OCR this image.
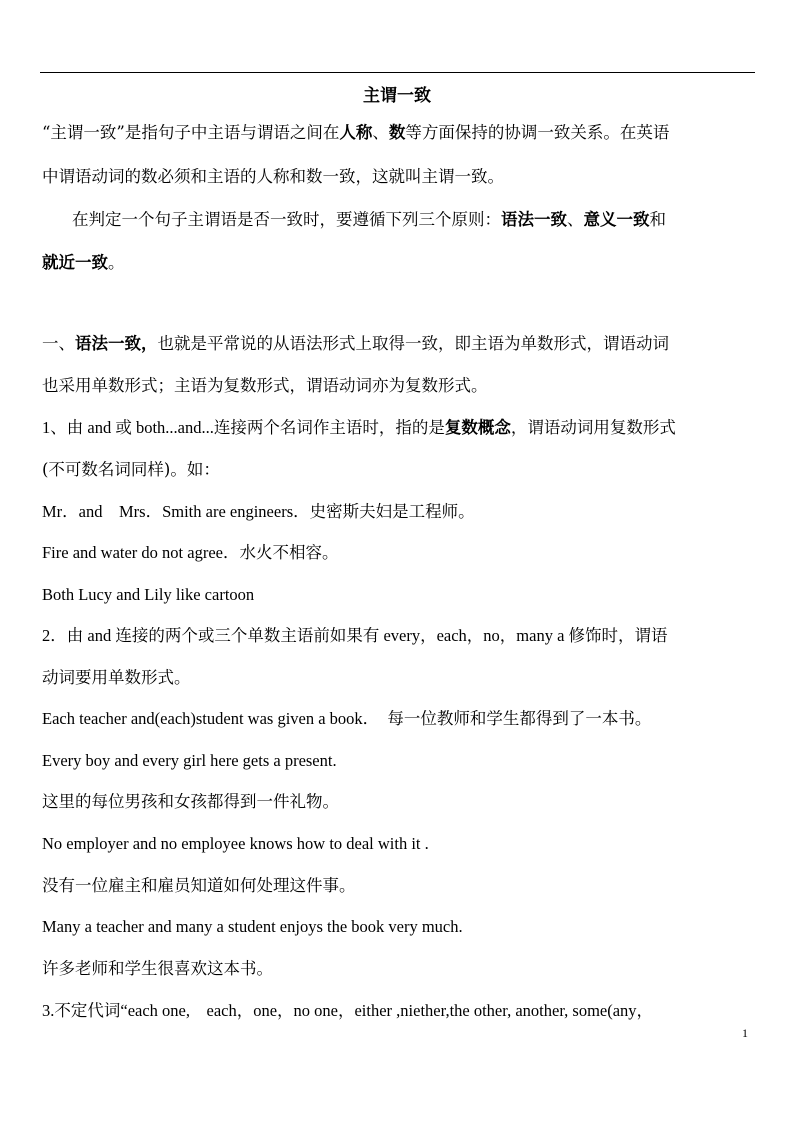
主谓一致
“主谓一致”是指句子中主语与谓语之间在人称、数等方面保持的协调一致关系。在英语
中谓语动词的数必须和主语的人称和数一致，这就叫主谓一致。
在判定一个句子主谓语是否一致时，要遵循下列三个原则：语法一致、意义一致和
就近一致。
一、语法一致，也就是平常说的从语法形式上取得一致，即主语为单数形式，谓语动词
也采用单数形式；主语为复数形式，谓语动词亦为复数形式。
1、由 and 或 both...and...连接两个名词作主语时，指的是复数概念，谓语动词用复数形式
(不可数名词同样)。如：
Mr．and　Mrs．Smith are engineers．史密斯夫妇是工程师。
Fire and water do not agree．水火不相容。
Both Lucy and Lily like cartoon
2．由 and 连接的两个或三个单数主语前如果有 every，each，no，many a 修饰时，谓语
动词要用单数形式。
Each teacher and(each)student was given a book．　每一位教师和学生都得到了一本书。
Every boy and every girl here gets a present.
这里的每位男孩和女孩都得到一件礼物。
No employer and no employee knows how to deal with it .
没有一位雇主和雇员知道如何处理这件事。
Many a teacher and many a student enjoys the book very much.
许多老师和学生很喜欢这本书。
3.不定代词“each one,　each，one，no one，either ,niether,the other, another, some(any，
1
